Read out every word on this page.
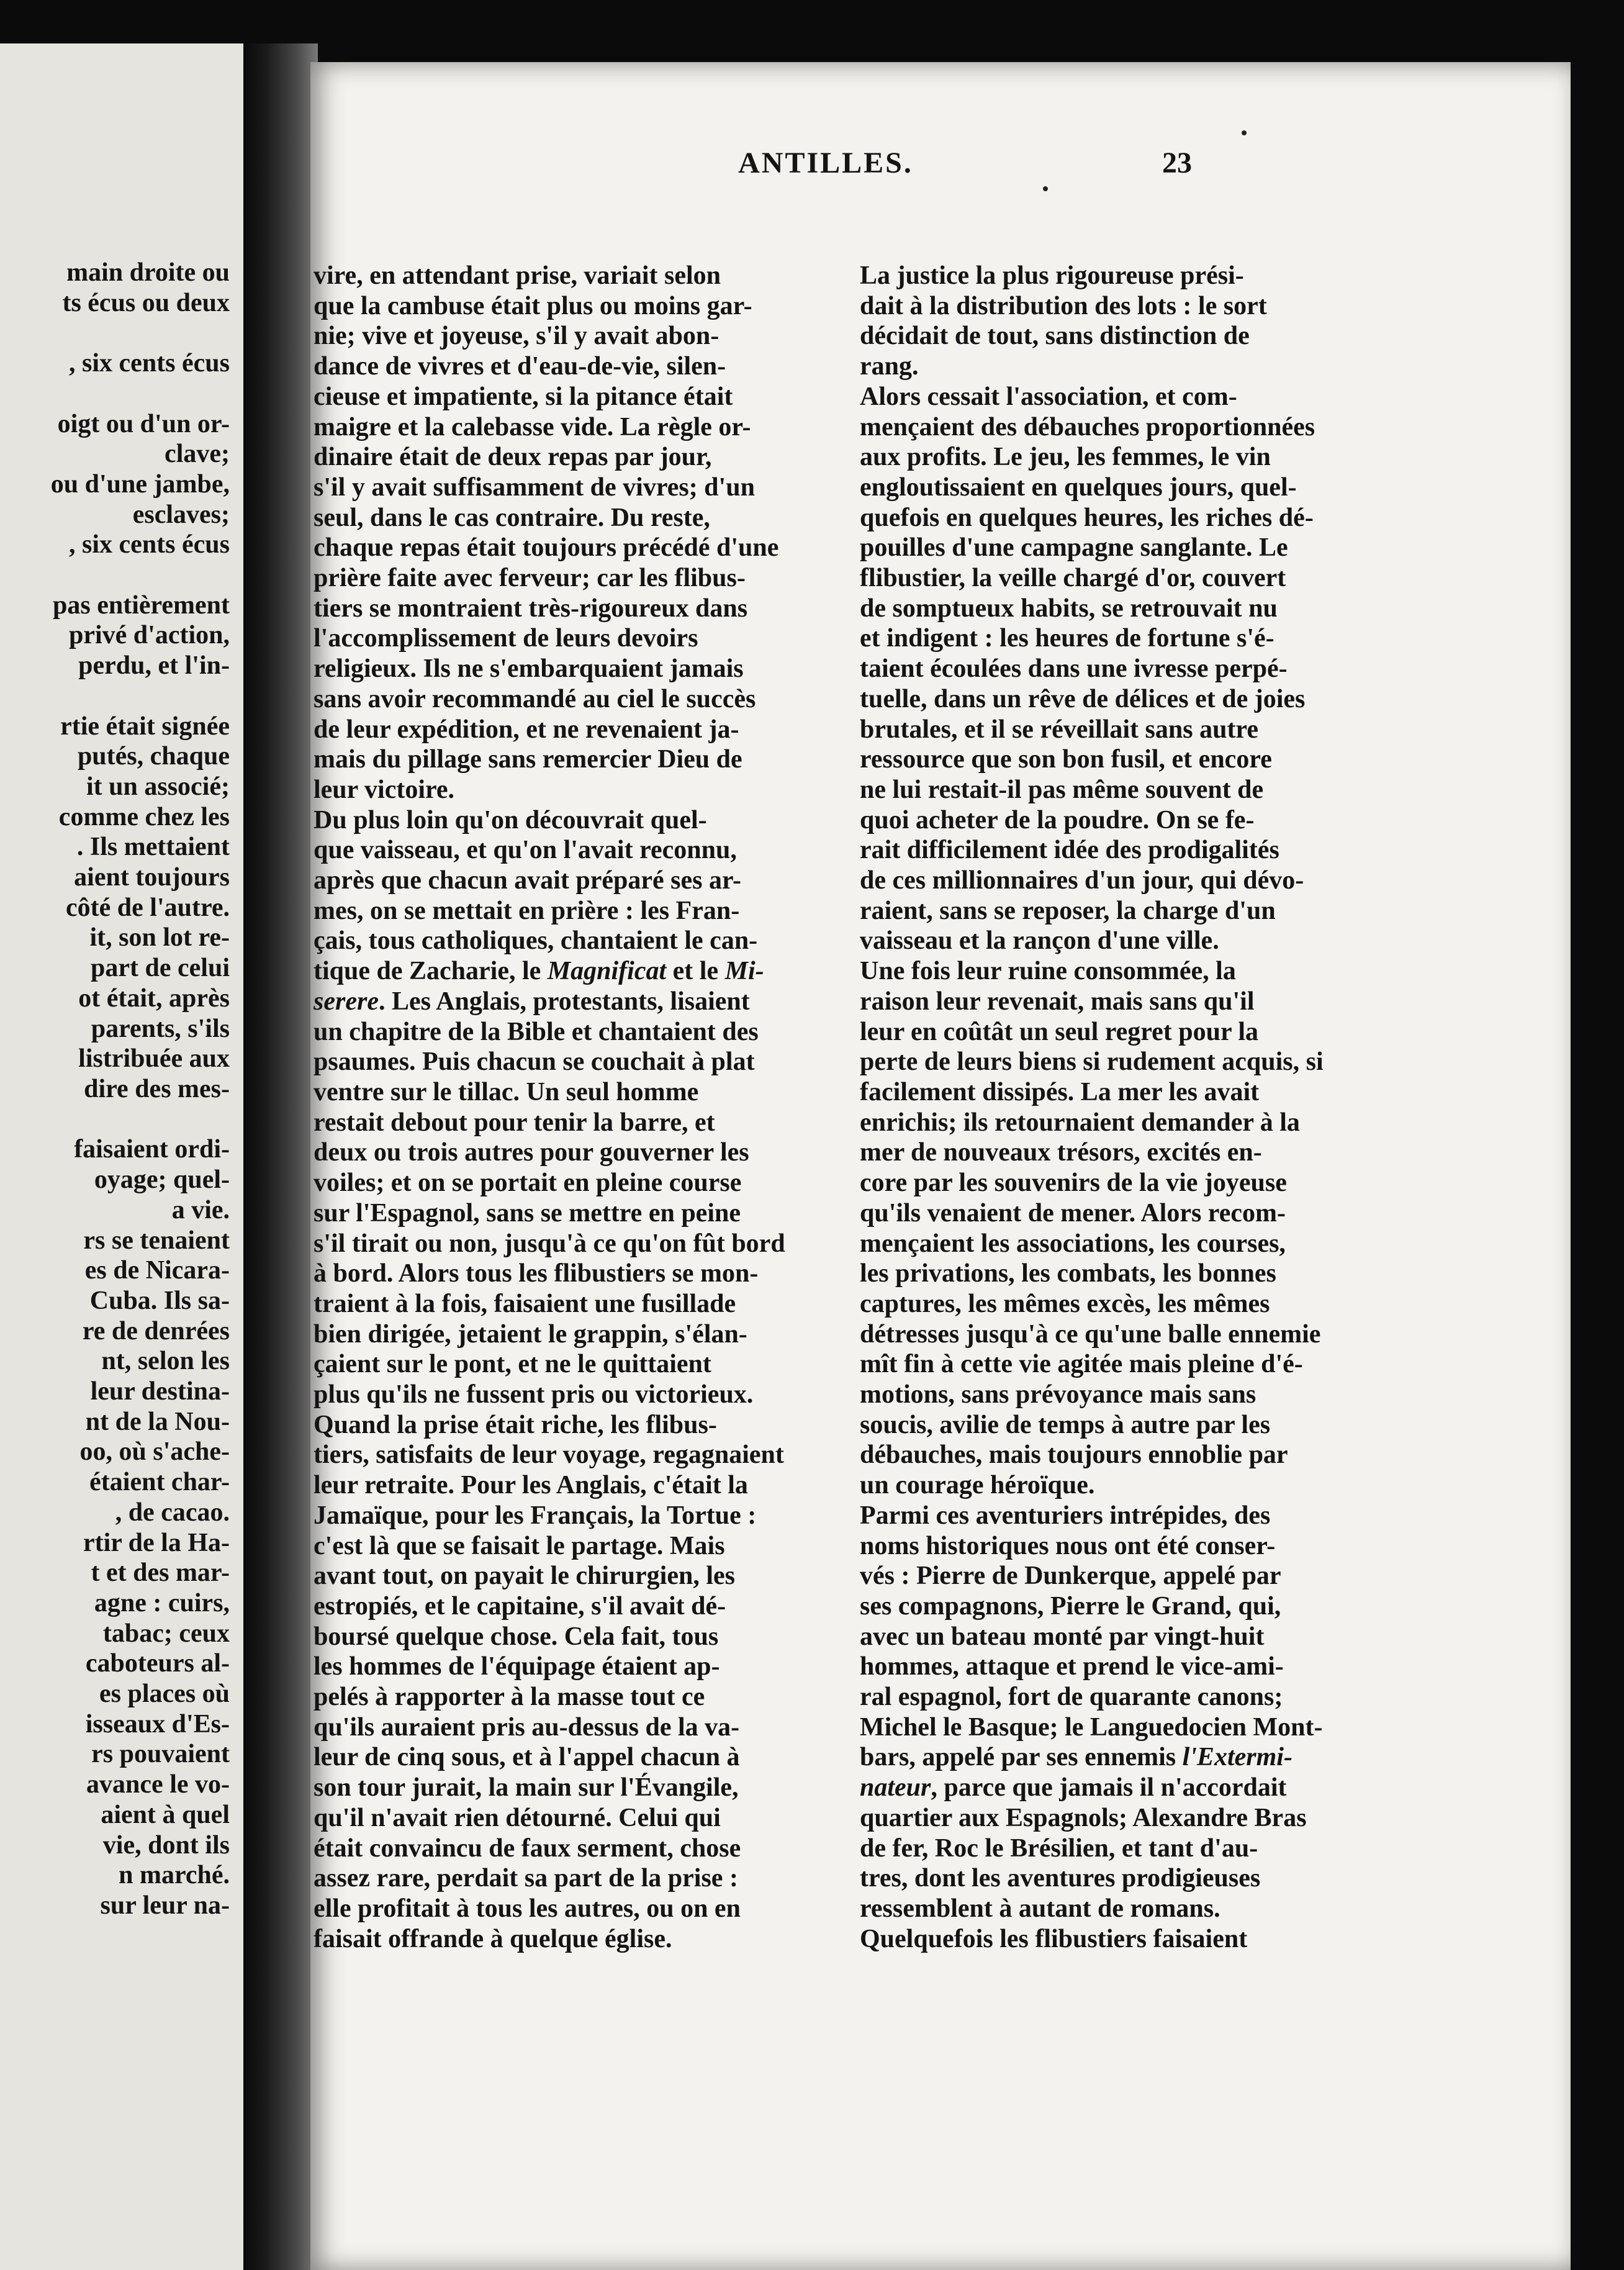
main droite ou
ts écus ou deux

, six cents écus

oigt ou d'un or-
clave;
ou d'une jambe,
esclaves;
, six cents écus

pas entièrement
privé d'action,
perdu, et l'in-

rtie était signée
putés, chaque
it un associé;
comme chez les
. Ils mettaient
aient toujours
côté de l'autre.
it, son lot re-
part de celui
ot était, après
parents, s'ils
listribuée aux
dire des mes-

faisaient ordi-
oyage; quel-
a vie.
rs se tenaient
es de Nicara-
Cuba. Ils sa-
re de denrées
nt, selon les
leur destina-
nt de la Nou-
oo, où s'ache-
étaient char-
, de cacao.
rtir de la Ha-
t et des mar-
agne : cuirs,
tabac; ceux
caboteurs al-
es places où
isseaux d'Es-
rs pouvaient
avance le vo-
aient à quel
vie, dont ils
n marché.
sur leur na-
ANTILLES.	23
vire, en attendant prise, variait selon
que la cambuse était plus ou moins gar-
nie; vive et joyeuse, s'il y avait abon-
dance de vivres et d'eau-de-vie, silen-
cieuse et impatiente, si la pitance était
maigre et la calebasse vide. La règle or-
dinaire était de deux repas par jour,
s'il y avait suffisamment de vivres; d'un
seul, dans le cas contraire. Du reste,
chaque repas était toujours précédé d'une
prière faite avec ferveur; car les flibus-
tiers se montraient très-rigoureux dans
l'accomplissement de leurs devoirs
religieux. Ils ne s'embarquaient jamais
sans avoir recommandé au ciel le succès
de leur expédition, et ne revenaient ja-
mais du pillage sans remercier Dieu de
leur victoire.
Du plus loin qu'on découvrait quel-
que vaisseau, et qu'on l'avait reconnu,
après que chacun avait préparé ses ar-
mes, on se mettait en prière : les Fran-
çais, tous catholiques, chantaient le can-
tique de Zacharie, le Magnificat et le Mi-
serere. Les Anglais, protestants, lisaient
un chapitre de la Bible et chantaient des
psaumes. Puis chacun se couchait à plat
ventre sur le tillac. Un seul homme
restait debout pour tenir la barre, et
deux ou trois autres pour gouverner les
voiles; et on se portait en pleine course
sur l'Espagnol, sans se mettre en peine
s'il tirait ou non, jusqu'à ce qu'on fût bord
à bord. Alors tous les flibustiers se mon-
traient à la fois, faisaient une fusillade
bien dirigée, jetaient le grappin, s'élan-
çaient sur le pont, et ne le quittaient
plus qu'ils ne fussent pris ou victorieux.
Quand la prise était riche, les flibus-
tiers, satisfaits de leur voyage, regagnaient
leur retraite. Pour les Anglais, c'était la
Jamaïque, pour les Français, la Tortue :
c'est là que se faisait le partage. Mais
avant tout, on payait le chirurgien, les
estropiés, et le capitaine, s'il avait dé-
boursé quelque chose. Cela fait, tous
les hommes de l'équipage étaient ap-
pelés à rapporter à la masse tout ce
qu'ils auraient pris au-dessus de la va-
leur de cinq sous, et à l'appel chacun à
son tour jurait, la main sur l'Évangile,
qu'il n'avait rien détourné. Celui qui
était convaincu de faux serment, chose
assez rare, perdait sa part de la prise :
elle profitait à tous les autres, ou on en
faisait offrande à quelque église.
La justice la plus rigoureuse prési-
dait à la distribution des lots : le sort
décidait de tout, sans distinction de
rang.
Alors cessait l'association, et com-
mençaient des débauches proportionnées
aux profits. Le jeu, les femmes, le vin
engloutissaient en quelques jours, quel-
quefois en quelques heures, les riches dé-
pouilles d'une campagne sanglante. Le
flibustier, la veille chargé d'or, couvert
de somptueux habits, se retrouvait nu
et indigent : les heures de fortune s'é-
taient écoulées dans une ivresse perpé-
tuelle, dans un rêve de délices et de joies
brutales, et il se réveillait sans autre
ressource que son bon fusil, et encore
ne lui restait-il pas même souvent de
quoi acheter de la poudre. On se fe-
rait difficilement idée des prodigalités
de ces millionnaires d'un jour, qui dévo-
raient, sans se reposer, la charge d'un
vaisseau et la rançon d'une ville.
Une fois leur ruine consommée, la
raison leur revenait, mais sans qu'il
leur en coûtât un seul regret pour la
perte de leurs biens si rudement acquis, si
facilement dissipés. La mer les avait
enrichis; ils retournaient demander à la
mer de nouveaux trésors, excités en-
core par les souvenirs de la vie joyeuse
qu'ils venaient de mener. Alors recom-
mençaient les associations, les courses,
les privations, les combats, les bonnes
captures, les mêmes excès, les mêmes
détresses jusqu'à ce qu'une balle ennemie
mît fin à cette vie agitée mais pleine d'é-
motions, sans prévoyance mais sans
soucis, avilie de temps à autre par les
débauches, mais toujours ennoblie par
un courage héroïque.
Parmi ces aventuriers intrépides, des
noms historiques nous ont été conser-
vés : Pierre de Dunkerque, appelé par
ses compagnons, Pierre le Grand, qui,
avec un bateau monté par vingt-huit
hommes, attaque et prend le vice-ami-
ral espagnol, fort de quarante canons;
Michel le Basque; le Languedocien Mont-
bars, appelé par ses ennemis l'Extermi-
nateur, parce que jamais il n'accordait
quartier aux Espagnols; Alexandre Bras
de fer, Roc le Brésilien, et tant d'au-
tres, dont les aventures prodigieuses
ressemblent à autant de romans.
Quelquefois les flibustiers faisaient
